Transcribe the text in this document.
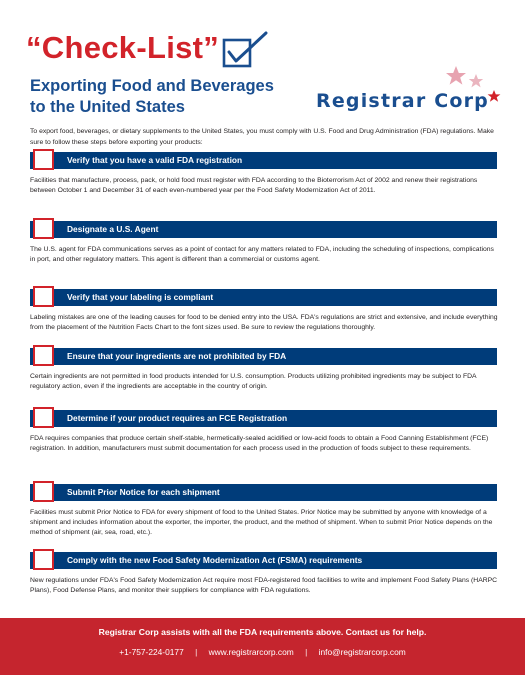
“Check-List”
Exporting Food and Beverages
to the United States	Registrar Corp
To export food, beverages, or dietary supplements to the United States, you must comply with U.S. Food and Drug Administration (FDA) regulations. Make sure to follow these steps before exporting your products:
Verify that you have a valid FDA registration
Facilities that manufacture, process, pack, or hold food must register with FDA according to the Bioterrorism Act of 2002 and renew their registrations between October 1 and December 31 of each even-numbered year per the Food Safety Modernization Act of 2011.
Designate a U.S. Agent
The U.S. agent for FDA communications serves as a point of contact for any matters related to FDA, including the scheduling of inspections, complications in port, and other regulatory matters. This agent is different than a commercial or customs agent.
Verify that your labeling is compliant
Labeling mistakes are one of the leading causes for food to be denied entry into the USA. FDA's regulations are strict and extensive, and include everything from the placement of the Nutrition Facts Chart to the font sizes used. Be sure to review the regulations thoroughly.
Ensure that your ingredients are not prohibited by FDA
Certain ingredients are not permitted in food products intended for U.S. consumption. Products utilizing prohibited ingredients may be subject to FDA regulatory action, even if the ingredients are acceptable in the country of origin.
Determine if your product requires an FCE Registration
FDA requires companies that produce certain shelf-stable, hermetically-sealed acidified or low-acid foods to obtain a Food Canning Establishment (FCE) registration. In addition, manufacturers must submit documentation for each process used in the production of foods subject to these requirements.
Submit Prior Notice for each shipment
Facilities must submit Prior Notice to FDA for every shipment of food to the United States. Prior Notice may be submitted by anyone with knowledge of a shipment and includes information about the exporter, the importer, the product, and the method of shipment. When to submit Prior Notice depends on the method of shipment (air, sea, road, etc.).
Comply with the new Food Safety Modernization Act (FSMA) requirements
New regulations under FDA's Food Safety Modernization Act require most FDA-registered food facilities to write and implement Food Safety Plans (HARPC Plans), Food Defense Plans, and monitor their suppliers for compliance with FDA regulations.
Registrar Corp assists with all the FDA requirements above. Contact us for help.
+1-757-224-0177 | www.registrarcorp.com | info@registrarcorp.com
